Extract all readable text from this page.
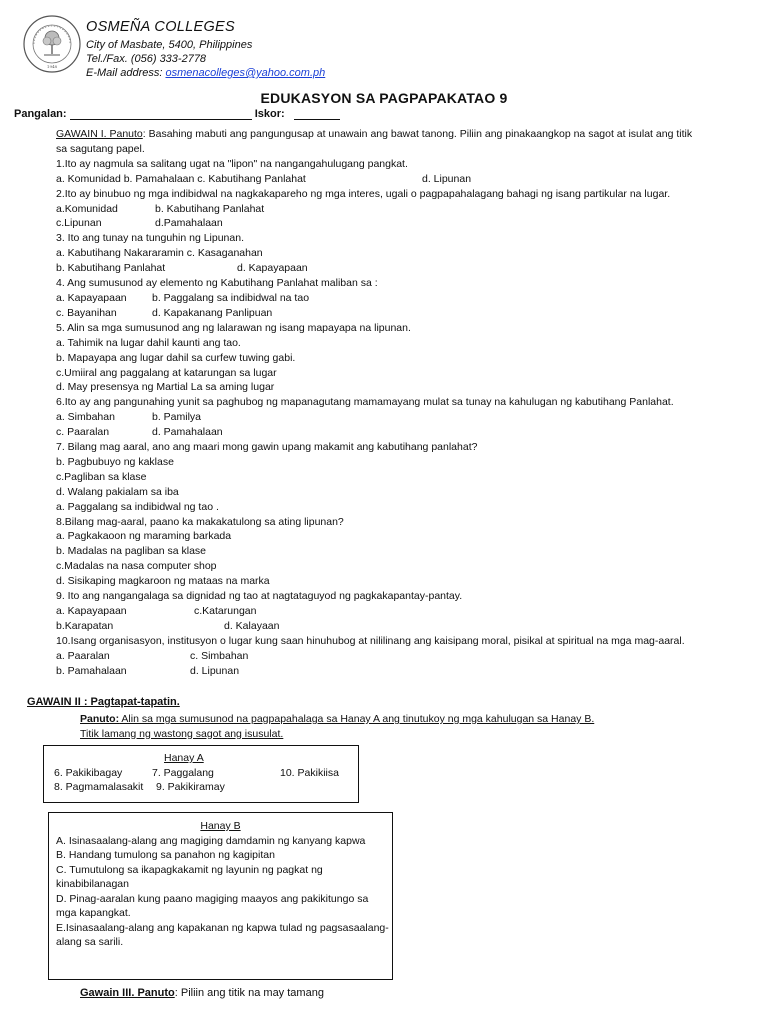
1948
OSMEÑA COLLEGES
City of Masbate, 5400, Philippines
Tel./Fax. (056) 333-2778
E-Mail address: osmenacolleges@yahoo.com.ph
EDUKASYON SA PAGPAPAKATAO 9
Pangalan:	Iskor:
GAWAIN I. Panuto: Basahing mabuti ang pangungusap at unawain ang bawat tanong. Piliin ang pinakaangkop na sagot at isulat ang titik sa sagutang papel.
1.Ito ay nagmula sa salitang ugat na "lipon" na nangangahulugang pangkat.
a. Komunidad b. Pamahalaan c. Kabutihang Panlahat	d. Lipunan
2.Ito ay binubuo ng mga indibidwal na nagkakapareho ng mga interes, ugali o pagpapahalagang bahagi ng isang partikular na lugar.
a.Komunidad	b. Kabutihang Panlahat
c.Lipunan	d.Pamahalaan
3. Ito ang tunay na tunguhin ng Lipunan.
a. Kabutihang Nakararamin c. Kasaganahan
b. Kabutihang Panlahat	d. Kapayapaan
4. Ang sumusunod ay elemento ng Kabutihang Panlahat maliban sa :
a. Kapayapaan b. Paggalang sa indibidwal na tao
c. Bayanihan	d. Kapakanang Panlipuan
5. Alin sa mga sumusunod ang ng lalarawan ng isang mapayapa na lipunan.
a. Tahimik na lugar dahil kaunti ang tao.
b. Mapayapa ang lugar dahil sa curfew tuwing gabi.
c.Umiiral ang paggalang at katarungan sa lugar
d. May presensya ng Martial La sa aming lugar
6.Ito ay ang pangunahing yunit sa paghubog ng mapanagutang mamamayang mulat sa tunay na kahulugan ng kabutihang Panlahat.
a. Simbahan	b. Pamilya
c. Paaralan	d. Pamahalaan
7. Bilang mag aaral, ano ang maari mong gawin upang makamit ang kabutihang panlahat?
b. Pagbubuyo ng kaklase
c.Pagliban sa klase
d. Walang pakialam sa iba
a. Paggalang sa indibidwal ng tao .
8.Bilang mag-aaral, paano ka makakatulong sa ating lipunan?
a. Pagkakaoon ng maraming barkada
b. Madalas na pagliban sa klase
c.Madalas na nasa computer shop
d. Sisikaping magkaroon ng mataas na marka
9. Ito ang nangangalaga sa dignidad ng tao at nagtataguyod ng pagkakapantay-pantay.
a. Kapayapaan	c.Katarungan
b.Karapatan	d. Kalayaan
10.Isang organisasyon, institusyon o lugar kung saan hinuhubog at nililinang ang kaisipang moral, pisikal at spiritual na mga mag-aaral.
a. Paaralan	c. Simbahan
b. Pamahalaan	d. Lipunan
GAWAIN II : Pagtapat-tapatin.
Panuto: Alin sa mga sumusunod na pagpapahalaga sa Hanay A ang tinutukoy ng mga kahulugan sa Hanay B.
Titik lamang ng wastong sagot ang isusulat.
Hanay A
6. Pakikibagay	7. Paggalang	10. Pakikiisa
8. Pagmamalasakit 9. Pakikiramay
Hanay B
A. Isinasaalang-alang ang magiging damdamin ng kanyang kapwa
B. Handang tumulong sa panahon ng kagipitan
C. Tumutulong sa ikapagkakamit ng layunin ng pagkat ng
kinabibilanagan
D. Pinag-aaralan kung paano magiging maayos ang pakikitungo sa
mga kapangkat.
E.Isinasaalang-alang ang kapakanan ng kapwa tulad ng pagsasaalang-
alang sa sarili.
Gawain III. Panuto: Piliin ang titik na may tamang
